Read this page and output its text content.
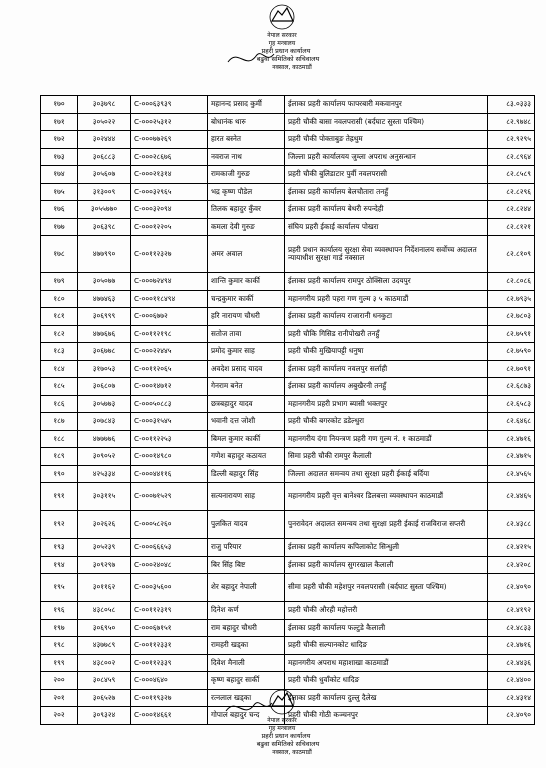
नेपाल सरकार
गृह मन्त्रालय
प्रहरी प्रधान कार्यालय
बढुवा समितिको सचिवालय
नक्साल, काठमाडौं
१७०	३०३७९८	C-०००६३९३९	महानन्द प्रसाद कुर्मी	ईलाका प्रहरी कार्यालय फापरबारी मकवानपुर	८३.०३३३
१७१	३०५०२२	C-०००२५३१२	बोधानंक थारु	प्रहरी चौकी बासा नवलपरासी (बर्दघाट सुस्ता पश्चिम)	८२.९७४८
१७२	३०२४४४	C-०००७७२६९	हारत बस्नेत	प्रहरी चौकी पोक्ताबुङ तेह्रथुम	८२.९२९५
१७३	३०६८८३	C-०००२८६७६	नवराज नाथ	जिल्ला प्रहरी कार्यालयय जुम्ला अपराध अनुसन्धान	८२.८९६४
१७४	३०५६०७	C-०००२१३१४	रामकाजी गुरुङ	प्रहरी चौकी बुलिडाटार पुर्वी नवलपरासी	८२.८५८९
१७५	३१३००९	C-०००३२९६५	भद्र कृष्ण पौडेल	ईलाका प्रहरी कार्यालय बेलचौतारा तनहुँ	८२.८२९६
१७६	३०५५७७०	C-०००३२०९४	तिलक बहादुर कुँवर	ईलाका प्रहरी कार्यालय बेथरी रुपन्देही	८२.८२४४
१७७	३०६३९८	C-०००१२२०५	कमला देवी गुरुङ	संघिय प्रहरी ईकाई कार्यालय पोखरा	८२.८१२१
१७८	४७७९९०	C-००११२३२७	अमर अवाल	प्रहरी प्रधान कार्यालय सुरक्षा सेवा व्यवस्थापन निर्देशनालय सर्वोच्च अदालत न्यायाधीश सुरक्षा गार्ड नक्साल	८२.८१०९
१७९	३०५०७७	C-०००७२४९४	शान्ति कुमार कार्की	ईलाका प्रहरी कार्यालय रामपुर ठोक्सिला उदयपुर	८२.८०८६
१८०	४७७४६३	C-०००११८४९४	चन्द्रकुमार कार्की	महानगरीय प्रहरी पहरा गण गुल्म ३ ५ काठमाडौं	८२.७९३५
१८१	३०६९९९	C-०००६७७२	हरि नारायण चौधरी	ईलाका प्रहरी कार्यालय राजारानी धनकुटा	८२.७८०३
१८२	४७७६७६	C-००११२१९८	सतोज तावा	प्रहरी चौकि गिसिड रानीपोखरी तनहुँ	८२.७५९१
१८३	३०६७७८	C-०००२२४४५	प्रमोद कुमार साह	प्रहरी चौकी मुखियापट्टी धनुषा	८२.७५९०
१८४	३१७०५३	C-००११२०६५	अवदेश प्रसाद यादव	ईलाका प्रहरी कार्यालय नवलपुर सर्लाही	८२.७०९१
१८५	३०६८०७	C-०००१४७१२	गेनराम बनेत	ईलाका प्रहरी कार्यालय अबुखैरनी तनहुँ	८२.६८७३
१८६	३०५७७३	C-०००५०८८३	छत्रबहादुर यादव	महानगरीय प्रहरी प्रभाग ब्यासी भक्तपुर	८२.६५८३
१८७	३०७८४३	C-०००३१५४५	भवानी दत्त जोशी	प्रहरी चौकी बगरकोट डडेल्धुरा	८२.६४६८
१८८	४७७७७६	C-००११२२५३	बिमल कुमार कार्की	महानगरीय दंगा नियन्त्रण प्रहरी गण गुल्म नं. १ काठमाडौं	८२.४७१६
१८९	३०९०५२	C-०००१४९८०	गणेश बहादुर कठायत	सिमा प्रहरी चौकी रामपुर कैलाली	८२.४७१५
१९०	४२५३३४	C-०००४४११६	डिल्ली बहादुर सिंह	जिल्ला अदालत समन्वय तथा सुरक्षा प्रहरी ईकाई बर्दिया	८२.४५६५
१९१	३०३११५	C-०००७१५२९	सत्यनारायण साह	महानगरीय प्रहरी वृत्त बानेश्वर डिलबत्ता व्यवस्थापन काठमाडौं	८२.४४६५
१९२	३०२६२६	C-०००५८२६०	पुलकित यादव	पुनरावेदन अदालत समन्वय तथा सुरक्षा प्रहरी ईकाई राजविराज सप्तरी	८२.४३८८
१९३	३०५२३९	C-०००६६६५३	राजु परियार	ईलाका प्रहरी कार्यालय कपिलाकोट सिन्धुली	८२.४२१५
१९४	३०९२९७	C-०००२४०४८	बिर सिंह बिष्ट	ईलाका प्रहरी कार्यालय सुगरखाल कैलाली	८२.४२०८
१९५	३०११६२	C-०००३५६००	शेर बहादुर नेपाली	सीमा प्रहरी चौकी महेशपुर नवलपरासी (बर्दघाट सुस्ता पश्चिम)	८२.४०९०
१९६	४३८०५८	C-००११२३१९	दिनेश कर्ण	प्रहरी चौकी औरही महोत्तरी	८२.४१९२
१९७	३०६९५०	C-०००६७१५१	राम बहादुर चौधरी	ईलाका प्रहरी कार्यालय फल्टुडे कैलाली	८२.४८३३
१९८	४३७७८९	C-००११२३३१	रामहरी खड्का	प्रहरी चौकी सल्यानकोट धादिङ	८२.४७१६
१९९	४३८००२	C-००११२३३९	दिवेश मैनाली	महानगरीय अपराध महाशाखा काठमाडौं	८२.४४३६
२००	३०८४५९	C-०००४६४०	कृष्ण बहादुर सार्की	प्रहरी चौकी धुवाँकोट धादिङ	८२.४४००
२०१	३०६५२७	C-००११९३२७	रत्नलाल खड्का	ईलाका प्रहरी कार्यालय दुल्लु दैलेख	८२.४३१४
२०२	३०९३२४	C-०००१४६६१	गोपाल बहादुर चन्द	प्रहरी चौकी गोठी कञ्चनपुर	८२.४०९०
नेपाल सरकार
गृह मन्त्रालय
प्रहरी प्रधान कार्यालय
बढुवा समितिको सचिवालय
नक्साल, काठमाडौं
